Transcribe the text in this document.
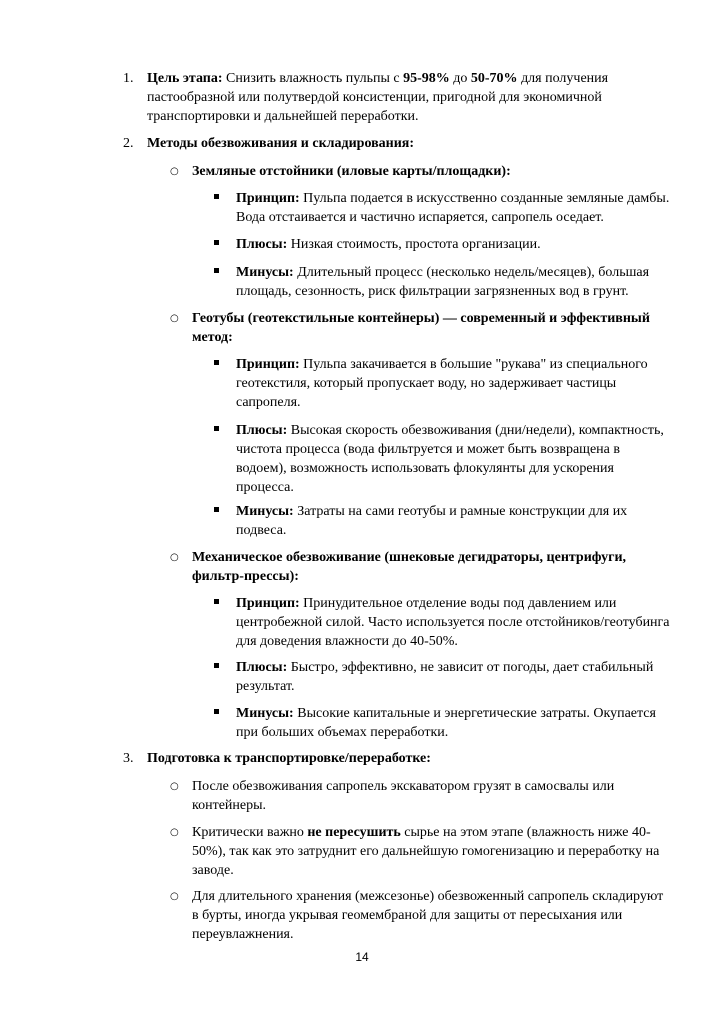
1. Цель этапа: Снизить влажность пульпы с 95-98% до 50-70% для получения пастообразной или полутвердой консистенции, пригодной для экономичной транспортировки и дальнейшей переработки.
2. Методы обезвоживания и складирования:
○ Земляные отстойники (иловые карты/площадки):
Принцип: Пульпа подается в искусственно созданные земляные дамбы. Вода отстаивается и частично испаряется, сапропель оседает.
Плюсы: Низкая стоимость, простота организации.
Минусы: Длительный процесс (несколько недель/месяцев), большая площадь, сезонность, риск фильтрации загрязненных вод в грунт.
○ Геотубы (геотекстильные контейнеры) — современный и эффективный метод:
Принцип: Пульпа закачивается в большие "рукава" из специального геотекстиля, который пропускает воду, но задерживает частицы сапропеля.
Плюсы: Высокая скорость обезвоживания (дни/недели), компактность, чистота процесса (вода фильтруется и может быть возвращена в водоем), возможность использовать флокулянты для ускорения процесса.
Минусы: Затраты на сами геотубы и рамные конструкции для их подвеса.
○ Механическое обезвоживание (шнековые дегидраторы, центрифуги, фильтр-прессы):
Принцип: Принудительное отделение воды под давлением или центробежной силой. Часто используется после отстойников/геотубинга для доведения влажности до 40-50%.
Плюсы: Быстро, эффективно, не зависит от погоды, дает стабильный результат.
Минусы: Высокие капитальные и энергетические затраты. Окупается при больших объемах переработки.
3. Подготовка к транспортировке/переработке:
○ После обезвоживания сапропель экскаватором грузят в самосвалы или контейнеры.
○ Критически важно не пересушить сырье на этом этапе (влажность ниже 40-50%), так как это затруднит его дальнейшую гомогенизацию и переработку на заводе.
○ Для длительного хранения (межсезонье) обезвоженный сапропель складируют в бурты, иногда укрывая геомембраной для защиты от пересыхания или переувлажнения.
14
